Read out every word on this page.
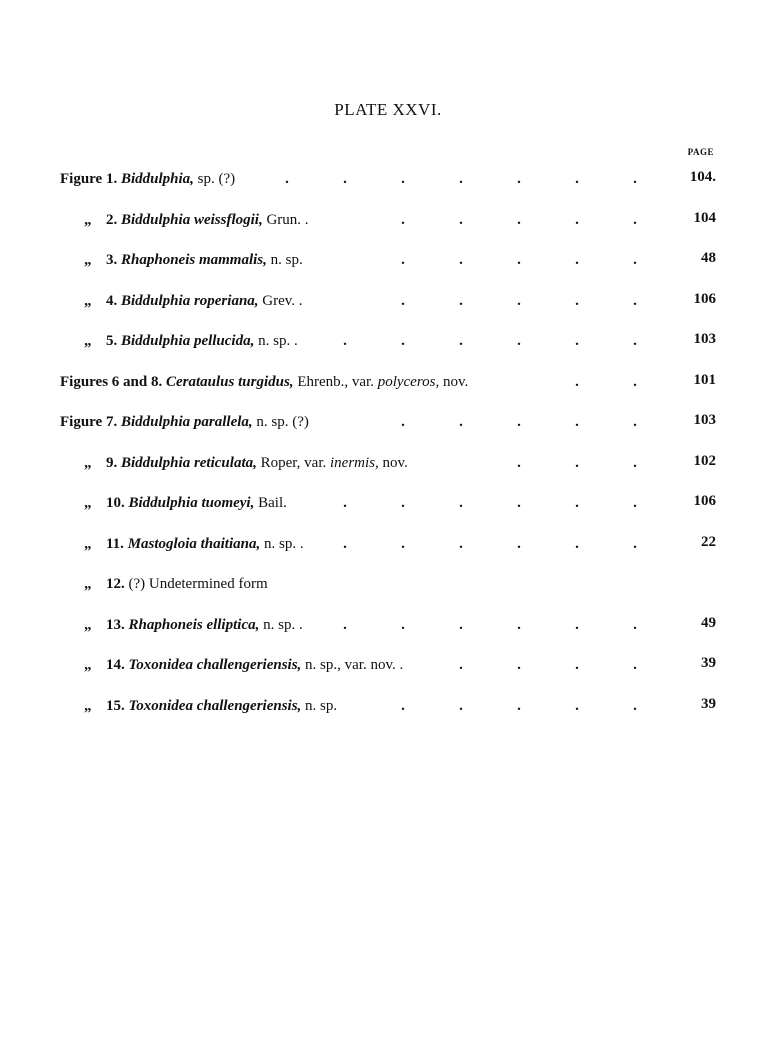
PLATE XXVI.
PAGE
Figure 1. Biddulphia, sp. (?)	.	.	.	.	.	.	.	104.
„ 2. Biddulphia weissflogii, Grun. .	.	.	.	.	.	104
„ 3. Rhaphoneis mammalis, n. sp.	.	.	.	.	.	48
„ 4. Biddulphia roperiana, Grev. .	.	.	.	.	.	106
„ 5. Biddulphia pellucida, n. sp. .	.	.	.	.	.	.	103
Figures 6 and 8. Cerataulus turgidus, Ehrenb., var. polyceros, nov.	.	.	101
Figure 7. Biddulphia parallela, n. sp. (?)	.	.	.	.	.	103
„ 9. Biddulphia reticulata, Roper, var. inermis, nov.	.	.	.	102
„ 10. Biddulphia tuomeyi, Bail.	.	.	.	.	.	.	106
„ 11. Mastogloia thaitiana, n. sp. .	.	.	.	.	.	.	22
„ 12. (?) Undetermined form
„ 13. Rhaphoneis elliptica, n. sp. .	.	.	.	.	.	.	49
„ 14. Toxonidea challengeriensis, n. sp., var. nov. .	.	.	.	.	39
„ 15. Toxonidea challengeriensis, n. sp.	.	.	.	.	.	39
